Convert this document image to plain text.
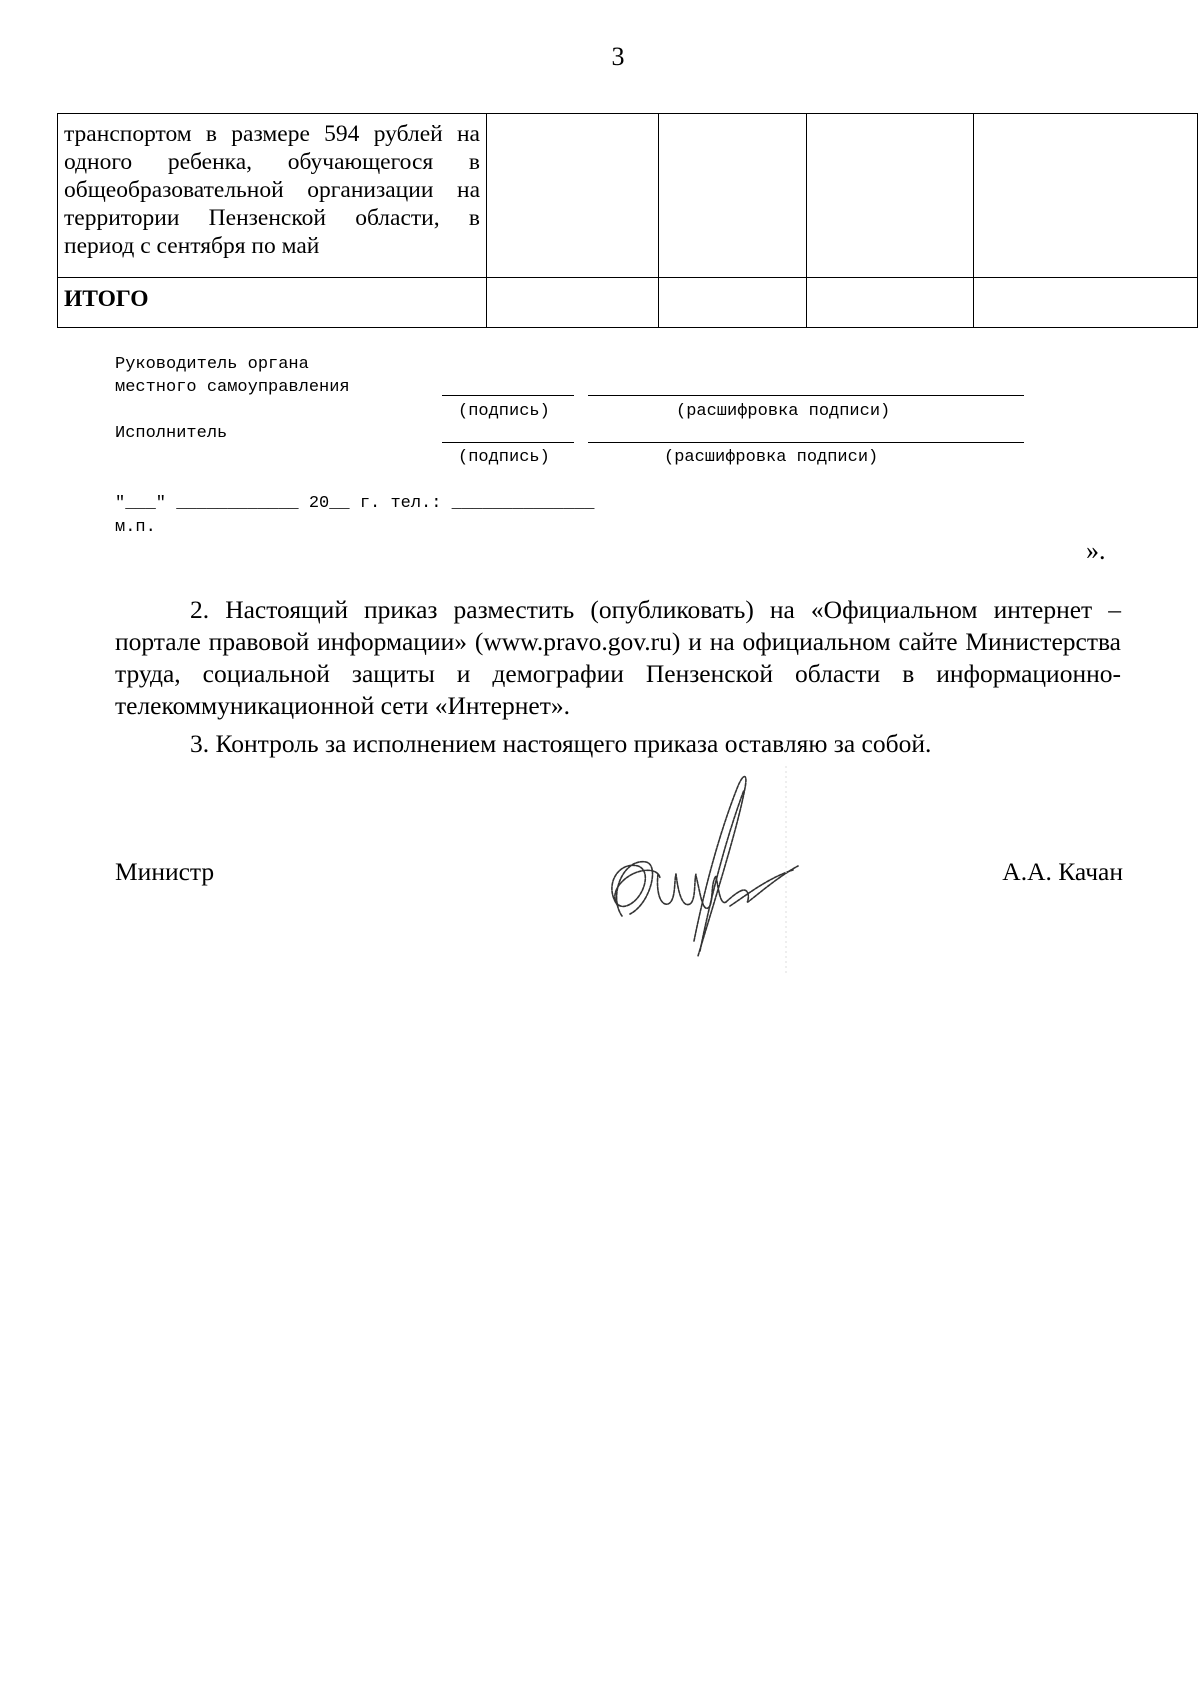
3
транспортом в размере 594 рублей на одного ребенка, обучающегося в общеобразовательной организации на территории Пензенской области, в период с сентября по май				
ИТОГО				
Руководитель органа
местного самоуправления
(подпись)	(расшифровка подписи)
Исполнитель
(подпись)	(расшифровка подписи)
"___" ____________ 20__ г. тел.: ______________
м.п.
».
2. Настоящий приказ разместить (опубликовать) на «Официальном интернет – портале правовой информации» (www.pravo.gov.ru) и на официальном сайте Министерства труда, социальной защиты и демографии Пензенской области в информационно-телекоммуникационной сети «Интернет».
3. Контроль за исполнением настоящего приказа оставляю за собой.
Министр	А.А. Качан
